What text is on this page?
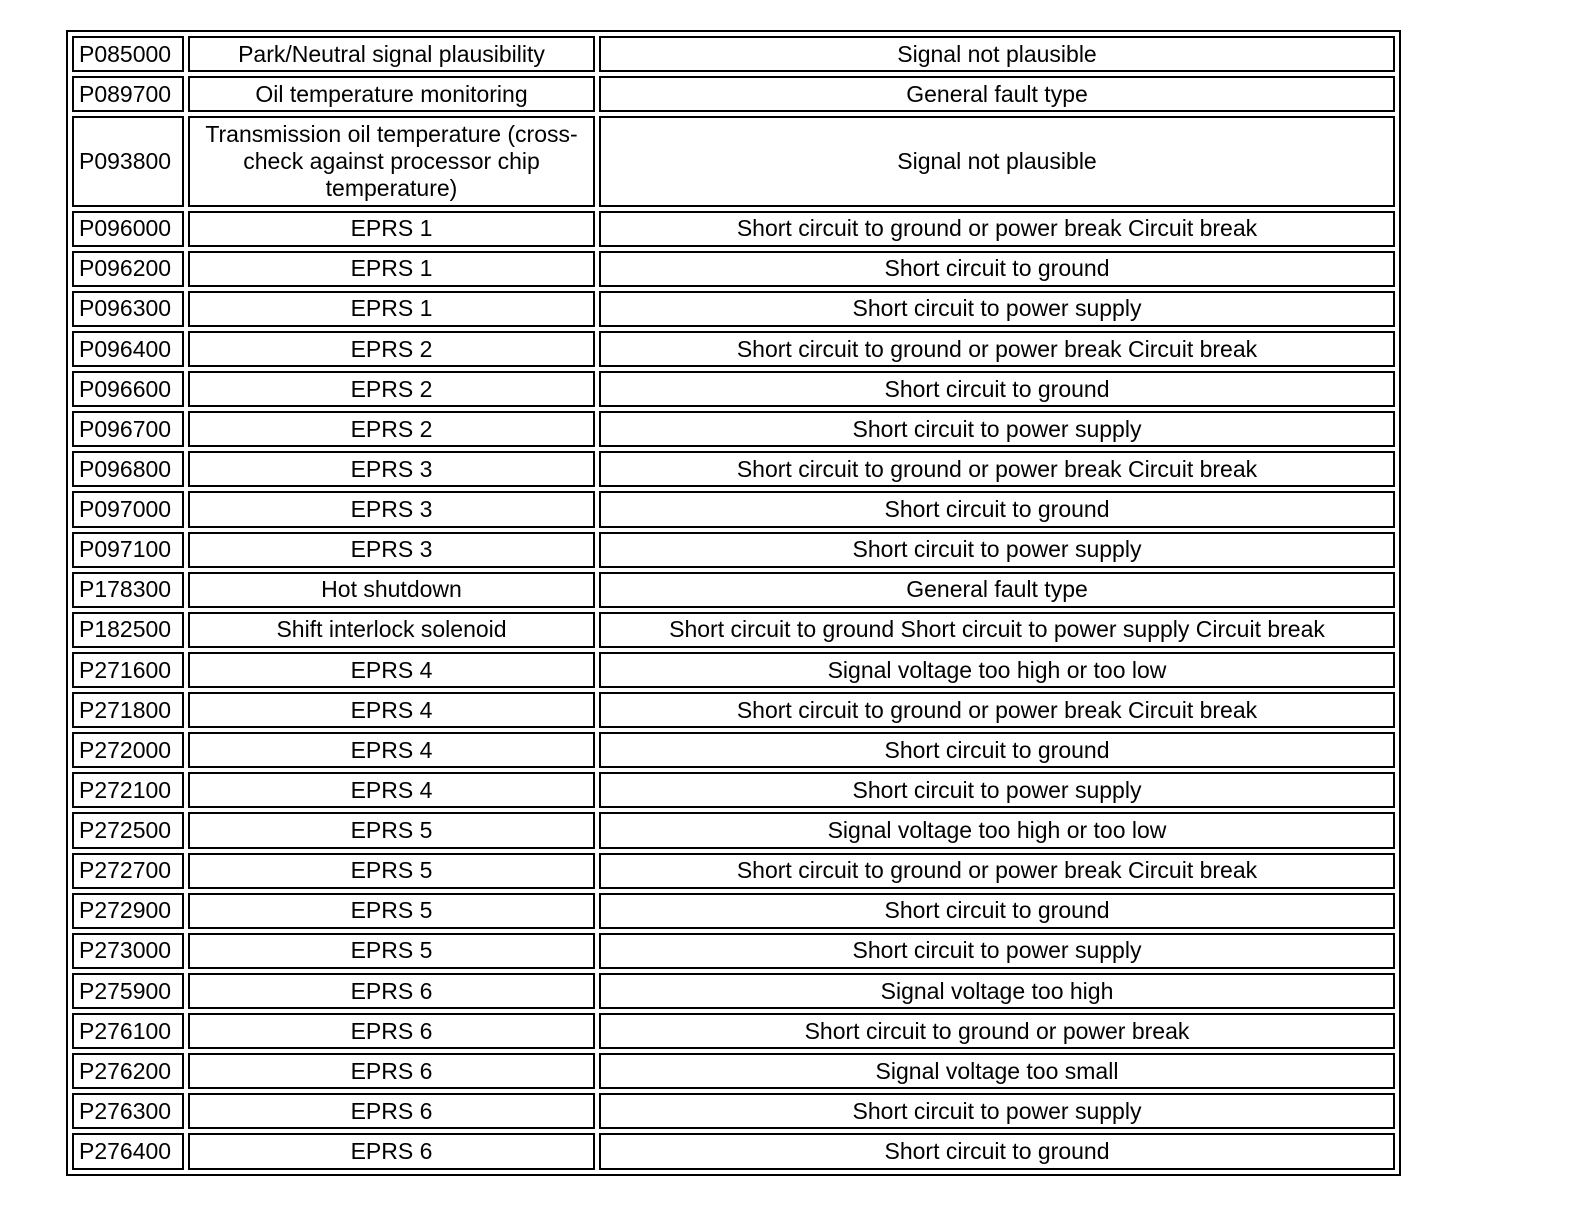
P085000	Park/Neutral signal plausibility	Signal not plausible
P089700	Oil temperature monitoring	General fault type
P093800	Transmission oil temperature (cross-check against processor chip temperature)	Signal not plausible
P096000	EPRS 1	Short circuit to ground or power break Circuit break
P096200	EPRS 1	Short circuit to ground
P096300	EPRS 1	Short circuit to power supply
P096400	EPRS 2	Short circuit to ground or power break Circuit break
P096600	EPRS 2	Short circuit to ground
P096700	EPRS 2	Short circuit to power supply
P096800	EPRS 3	Short circuit to ground or power break Circuit break
P097000	EPRS 3	Short circuit to ground
P097100	EPRS 3	Short circuit to power supply
P178300	Hot shutdown	General fault type
P182500	Shift interlock solenoid	Short circuit to ground Short circuit to power supply Circuit break
P271600	EPRS 4	Signal voltage too high or too low
P271800	EPRS 4	Short circuit to ground or power break Circuit break
P272000	EPRS 4	Short circuit to ground
P272100	EPRS 4	Short circuit to power supply
P272500	EPRS 5	Signal voltage too high or too low
P272700	EPRS 5	Short circuit to ground or power break Circuit break
P272900	EPRS 5	Short circuit to ground
P273000	EPRS 5	Short circuit to power supply
P275900	EPRS 6	Signal voltage too high
P276100	EPRS 6	Short circuit to ground or power break
P276200	EPRS 6	Signal voltage too small
P276300	EPRS 6	Short circuit to power supply
P276400	EPRS 6	Short circuit to ground
